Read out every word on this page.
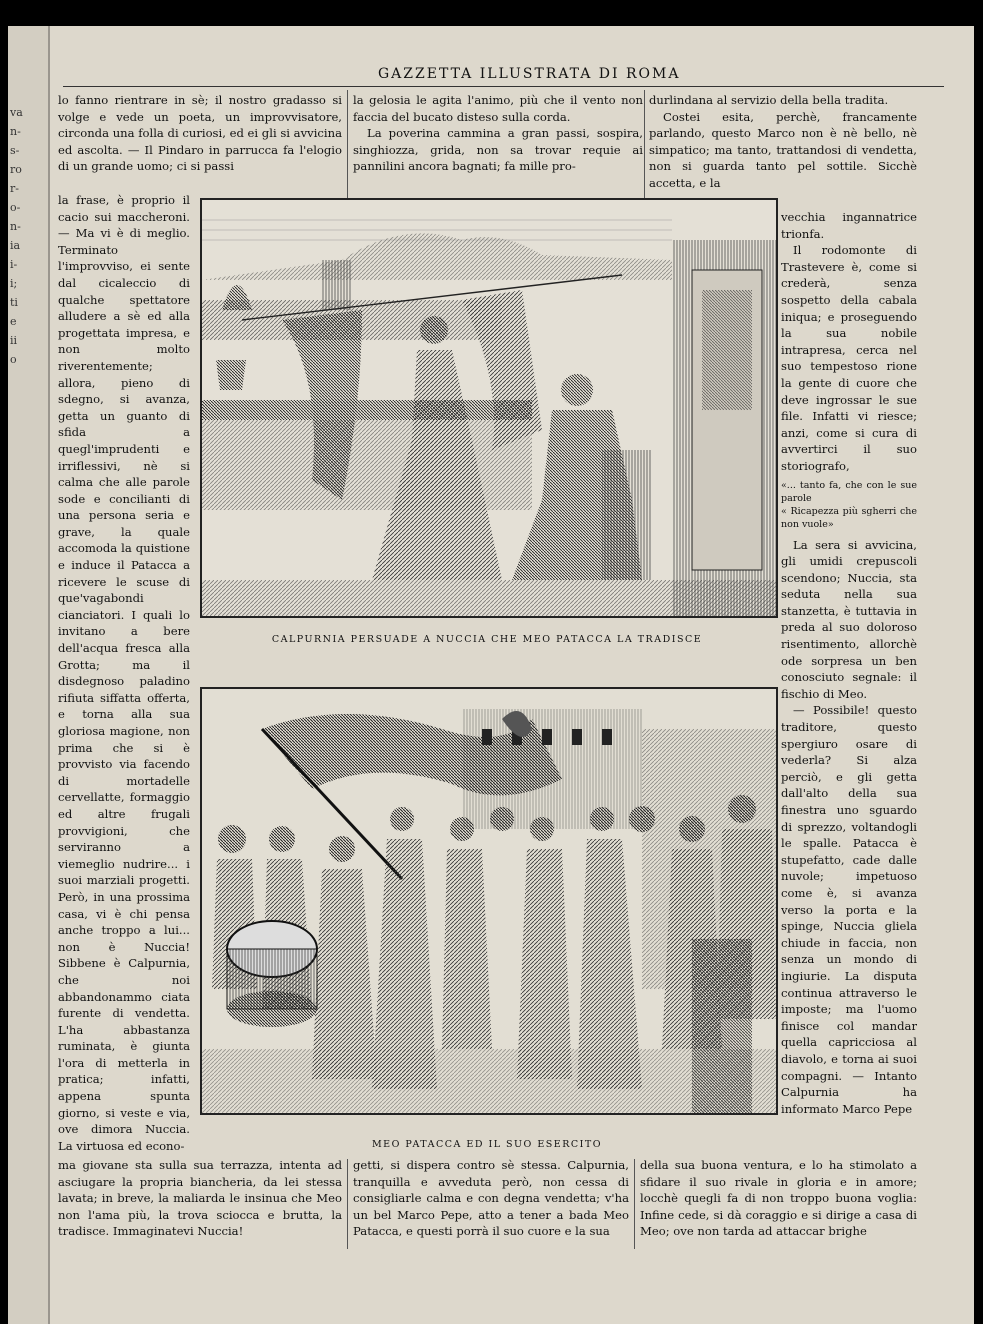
va
n-
s-
ro
r-
o-
n-
ia
i-
i;
ti
e
ii
o
GAZZETTA ILLUSTRATA DI ROMA

lo fanno rientrare in sè; il nostro gradasso si volge e vede un poeta, un improvvisatore, circonda una folla di curiosi, ed ei gli si avvicina ed ascolta. — Il Pindaro in parrucca fa l'elogio di un grande uomo; ci si passi

la gelosia le agita l'animo, più che il vento non faccia del bucato disteso sulla corda.

La poverina cammina a gran passi, sospira, singhiozza, grida, non sa trovar requie ai pannilini ancora bagnati; fa mille pro-

durlindana al servizio della bella tradita.

Costei esita, perchè, francamente parlando, questo Marco non è nè bello, nè simpatico; ma tanto, trattandosi di vendetta, non si guarda tanto pel sottile. Sicchè accetta, e la

la frase, è proprio il cacio sui maccheroni. — Ma vi è di meglio. Terminato l'improvviso, ei sente dal cicaleccio di qualche spettatore alludere a sè ed alla progettata impresa, e non molto riverentemente; allora, pieno di sdegno, si avanza, getta un guanto di sfida a quegl'imprudenti e irriflessivi, nè si calma che alle parole sode e concilianti di una persona seria e grave, la quale accomoda la quistione e induce il Patacca a ricevere le scuse di que'vagabondi cianciatori. I quali lo invitano a bere dell'acqua fresca alla Grotta; ma il disdegnoso paladino rifiuta siffatta offerta, e torna alla sua gloriosa magione, non prima che si è provvisto via facendo di mortadelle cervellatte, formaggio ed altre frugali provvigioni, che serviranno a viemeglio nudrire... i suoi marziali progetti. Però, in una prossima casa, vi è chi pensa anche troppo a lui... non è Nuccia! Sibbene è Calpurnia, che noi abbandonammo ciata furente di vendetta. L'ha abbastanza ruminata, è giunta l'ora di metterla in pratica; infatti, appena spunta giorno, si veste e via, ove dimora Nuccia. La virtuosa ed econo-

vecchia ingannatrice trionfa.

Il rodomonte di Trastevere è, come si crederà, senza sospetto della cabala iniqua; e proseguendo la sua nobile intrapresa, cerca nel suo tempestoso rione la gente di cuore che deve ingrossar le sue file. Infatti vi riesce; anzi, come si cura di avvertirci il suo storiografo,

«... tanto fa, che con le sue parole

« Ricapezza più sgherri che non vuole»

La sera si avvicina, gli umidi crepuscoli scendono; Nuccia, sta seduta nella sua stanzetta, è tuttavia in preda al suo doloroso risentimento, allorchè ode sorpresa un ben conosciuto segnale: il fischio di Meo.

— Possibile! questo traditore, questo spergiuro osare di vederla? Si alza perciò, e gli getta dall'alto della sua finestra uno sguardo di sprezzo, voltandogli le spalle. Patacca è stupefatto, cade dalle nuvole; impetuoso come è, si avanza verso la porta e la spinge, Nuccia gliela chiude in faccia, non senza un mondo di ingiurie. La disputa continua attraverso le imposte; ma l'uomo finisce col mandar quella capricciosa al diavolo, e torna ai suoi compagni. — Intanto Calpurnia ha informato Marco Pepe

CALPURNIA PERSUADE A NUCCIA CHE MEO PATACCA LA TRADISCE
MEO PATACCA ED IL SUO ESERCITO

ma giovane sta sulla sua terrazza, intenta ad asciugare la propria biancheria, da lei stessa lavata; in breve, la maliarda le insinua che Meo non l'ama più, la trova sciocca e brutta, la tradisce. Immaginatevi Nuccia!

getti, si dispera contro sè stessa. Calpurnia, tranquilla e avveduta però, non cessa di consigliarle calma e con degna vendetta; v'ha un bel Marco Pepe, atto a tener a bada Meo Patacca, e questi porrà il suo cuore e la sua

della sua buona ventura, e lo ha stimolato a sfidare il suo rivale in gloria e in amore; locchè quegli fa di non troppo buona voglia: Infine cede, si dà coraggio e si dirige a casa di Meo; ove non tarda ad attaccar brighe
